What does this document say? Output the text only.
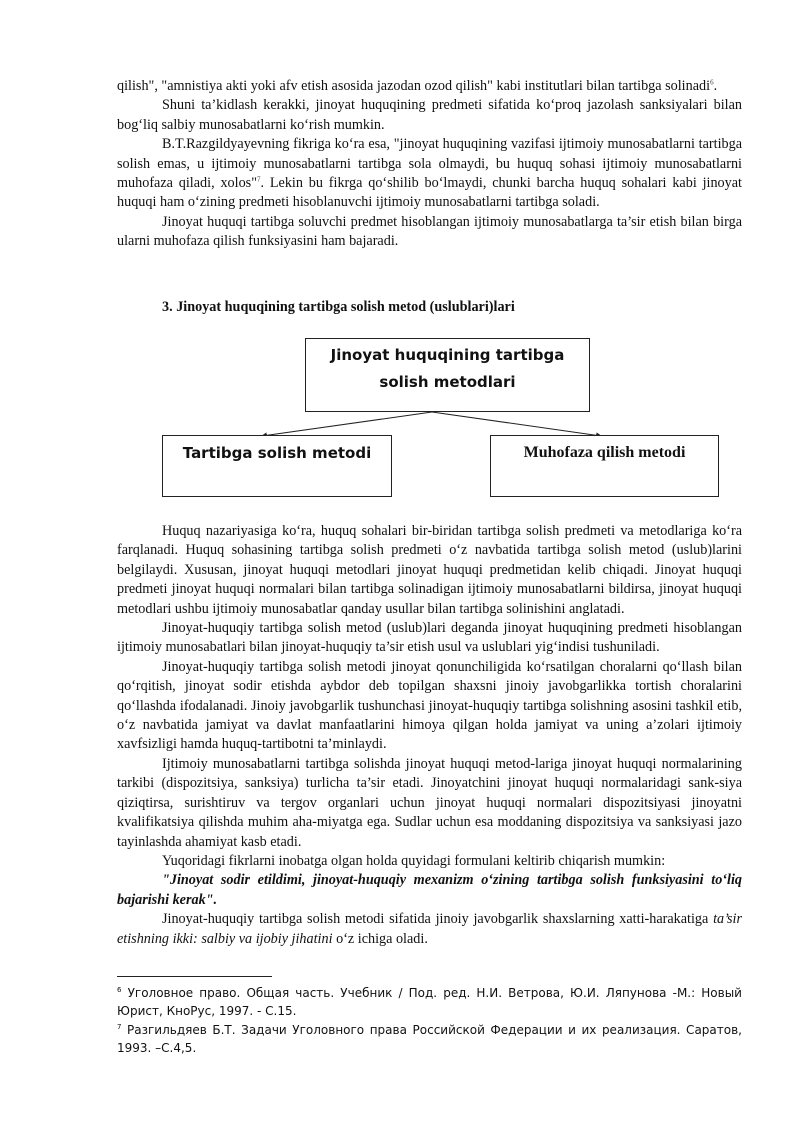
qilish", "amnistiya akti yoki afv etish asosida jazodan ozod qilish" kabi institutlari bilan tartibga solinadi$^6$.

Shuni ta’kidlash kerakki, jinoyat huquqining predmeti sifatida ko‘proq jazolash sanksiyalari bilan bog‘liq salbiy munosabatlarni ko‘rish mumkin.

B.T.Razgildyayevning fikriga ko‘ra esa, "jinoyat huquqining vazifasi ijtimoiy munosabatlarni tartibga solish emas, u ijtimoiy munosabatlarni tartibga sola olmaydi, bu huquq sohasi ijtimoiy munosabatlarni muhofaza qiladi, xolos"$^7$. Lekin bu fikrga qo‘shilib bo‘lmaydi, chunki barcha huquq sohalari kabi jinoyat huquqi ham o‘zining predmeti hisoblanuvchi ijtimoiy munosabatlarni tartibga soladi.

Jinoyat huquqi tartibga soluvchi predmet hisoblangan ijtimoiy munosabatlarga ta’sir etish bilan birga ularni muhofaza qilish funksiyasini ham bajaradi.

3. Jinoyat huquqining tartibga solish metod (uslublari)lari
Jinoyat huquqining tartibga solish metodlari
Tartibga solish metodi	Muhofaza qilish metodi

Huquq nazariyasiga ko‘ra, huquq sohalari bir-biridan tartibga solish predmeti va metodlariga ko‘ra farqlanadi. Huquq sohasining tartibga solish predmeti o‘z navbatida tartibga solish metod (uslub)larini belgilaydi. Xususan, jinoyat huquqi metodlari jinoyat huquqi predmetidan kelib chiqadi. Jinoyat huquqi predmeti jinoyat huquqi normalari bilan tartibga solinadigan ijtimoiy munosabatlarni bildirsa, jinoyat huquqi metodlari ushbu ijtimoiy munosabatlar qanday usullar bilan tartibga solinishini anglatadi.

Jinoyat-huquqiy tartibga solish metod (uslub)lari deganda jinoyat huquqining predmeti hisoblangan ijtimoiy munosabatlari bilan jinoyat-huquqiy ta’sir etish usul va uslublari yig‘indisi tushuniladi.

Jinoyat-huquqiy tartibga solish metodi jinoyat qonunchiligida ko‘rsatilgan choralarni qo‘llash bilan qo‘rqitish, jinoyat sodir etishda aybdor deb topilgan shaxsni jinoiy javobgarlikka tortish choralarini qo‘llashda ifodalanadi. Jinoiy javobgarlik tushunchasi jinoyat-huquqiy tartibga solishning asosini tashkil etib, o‘z navbatida jamiyat va davlat manfaatlarini himoya qilgan holda jamiyat va uning a’zolari ijtimoiy xavfsizligi hamda huquq-tartibotni ta’minlaydi.

Ijtimoiy munosabatlarni tartibga solishda jinoyat huquqi metod-lariga jinoyat huquqi normalarining tarkibi (dispozitsiya, sanksiya) turlicha ta’sir etadi. Jinoyatchini jinoyat huquqi normalaridagi sank-siya qiziqtirsa, surishtiruv va tergov organlari uchun jinoyat huquqi normalari dispozitsiyasi jinoyatni kvalifikatsiya qilishda muhim aha-miyatga ega. Sudlar uchun esa moddaning dispozitsiya va sanksiyasi jazo tayinlashda ahamiyat kasb etadi.

Yuqoridagi fikrlarni inobatga olgan holda quyidagi formulani keltirib chiqarish mumkin:

"Jinoyat sodir etildimi, jinoyat-huquqiy mexanizm o‘zining tartibga solish funksiyasini to‘liq bajarishi kerak".

Jinoyat-huquqiy tartibga solish metodi sifatida jinoiy javobgarlik shaxslarning xatti-harakatiga ta’sir etishning ikki: salbiy va ijobiy jihatini o‘z ichiga oladi.

$^6$ Уголовное право. Общая часть. Учебник / Под. ред. Н.И. Ветрова, Ю.И. Ляпунова -М.: Новый Юрист, КноРус, 1997. - С.15.

$^7$ Разгильдяев Б.Т. Задачи Уголовного права Российской Федерации и их реализация. Саратов, 1993. –С.4,5.
